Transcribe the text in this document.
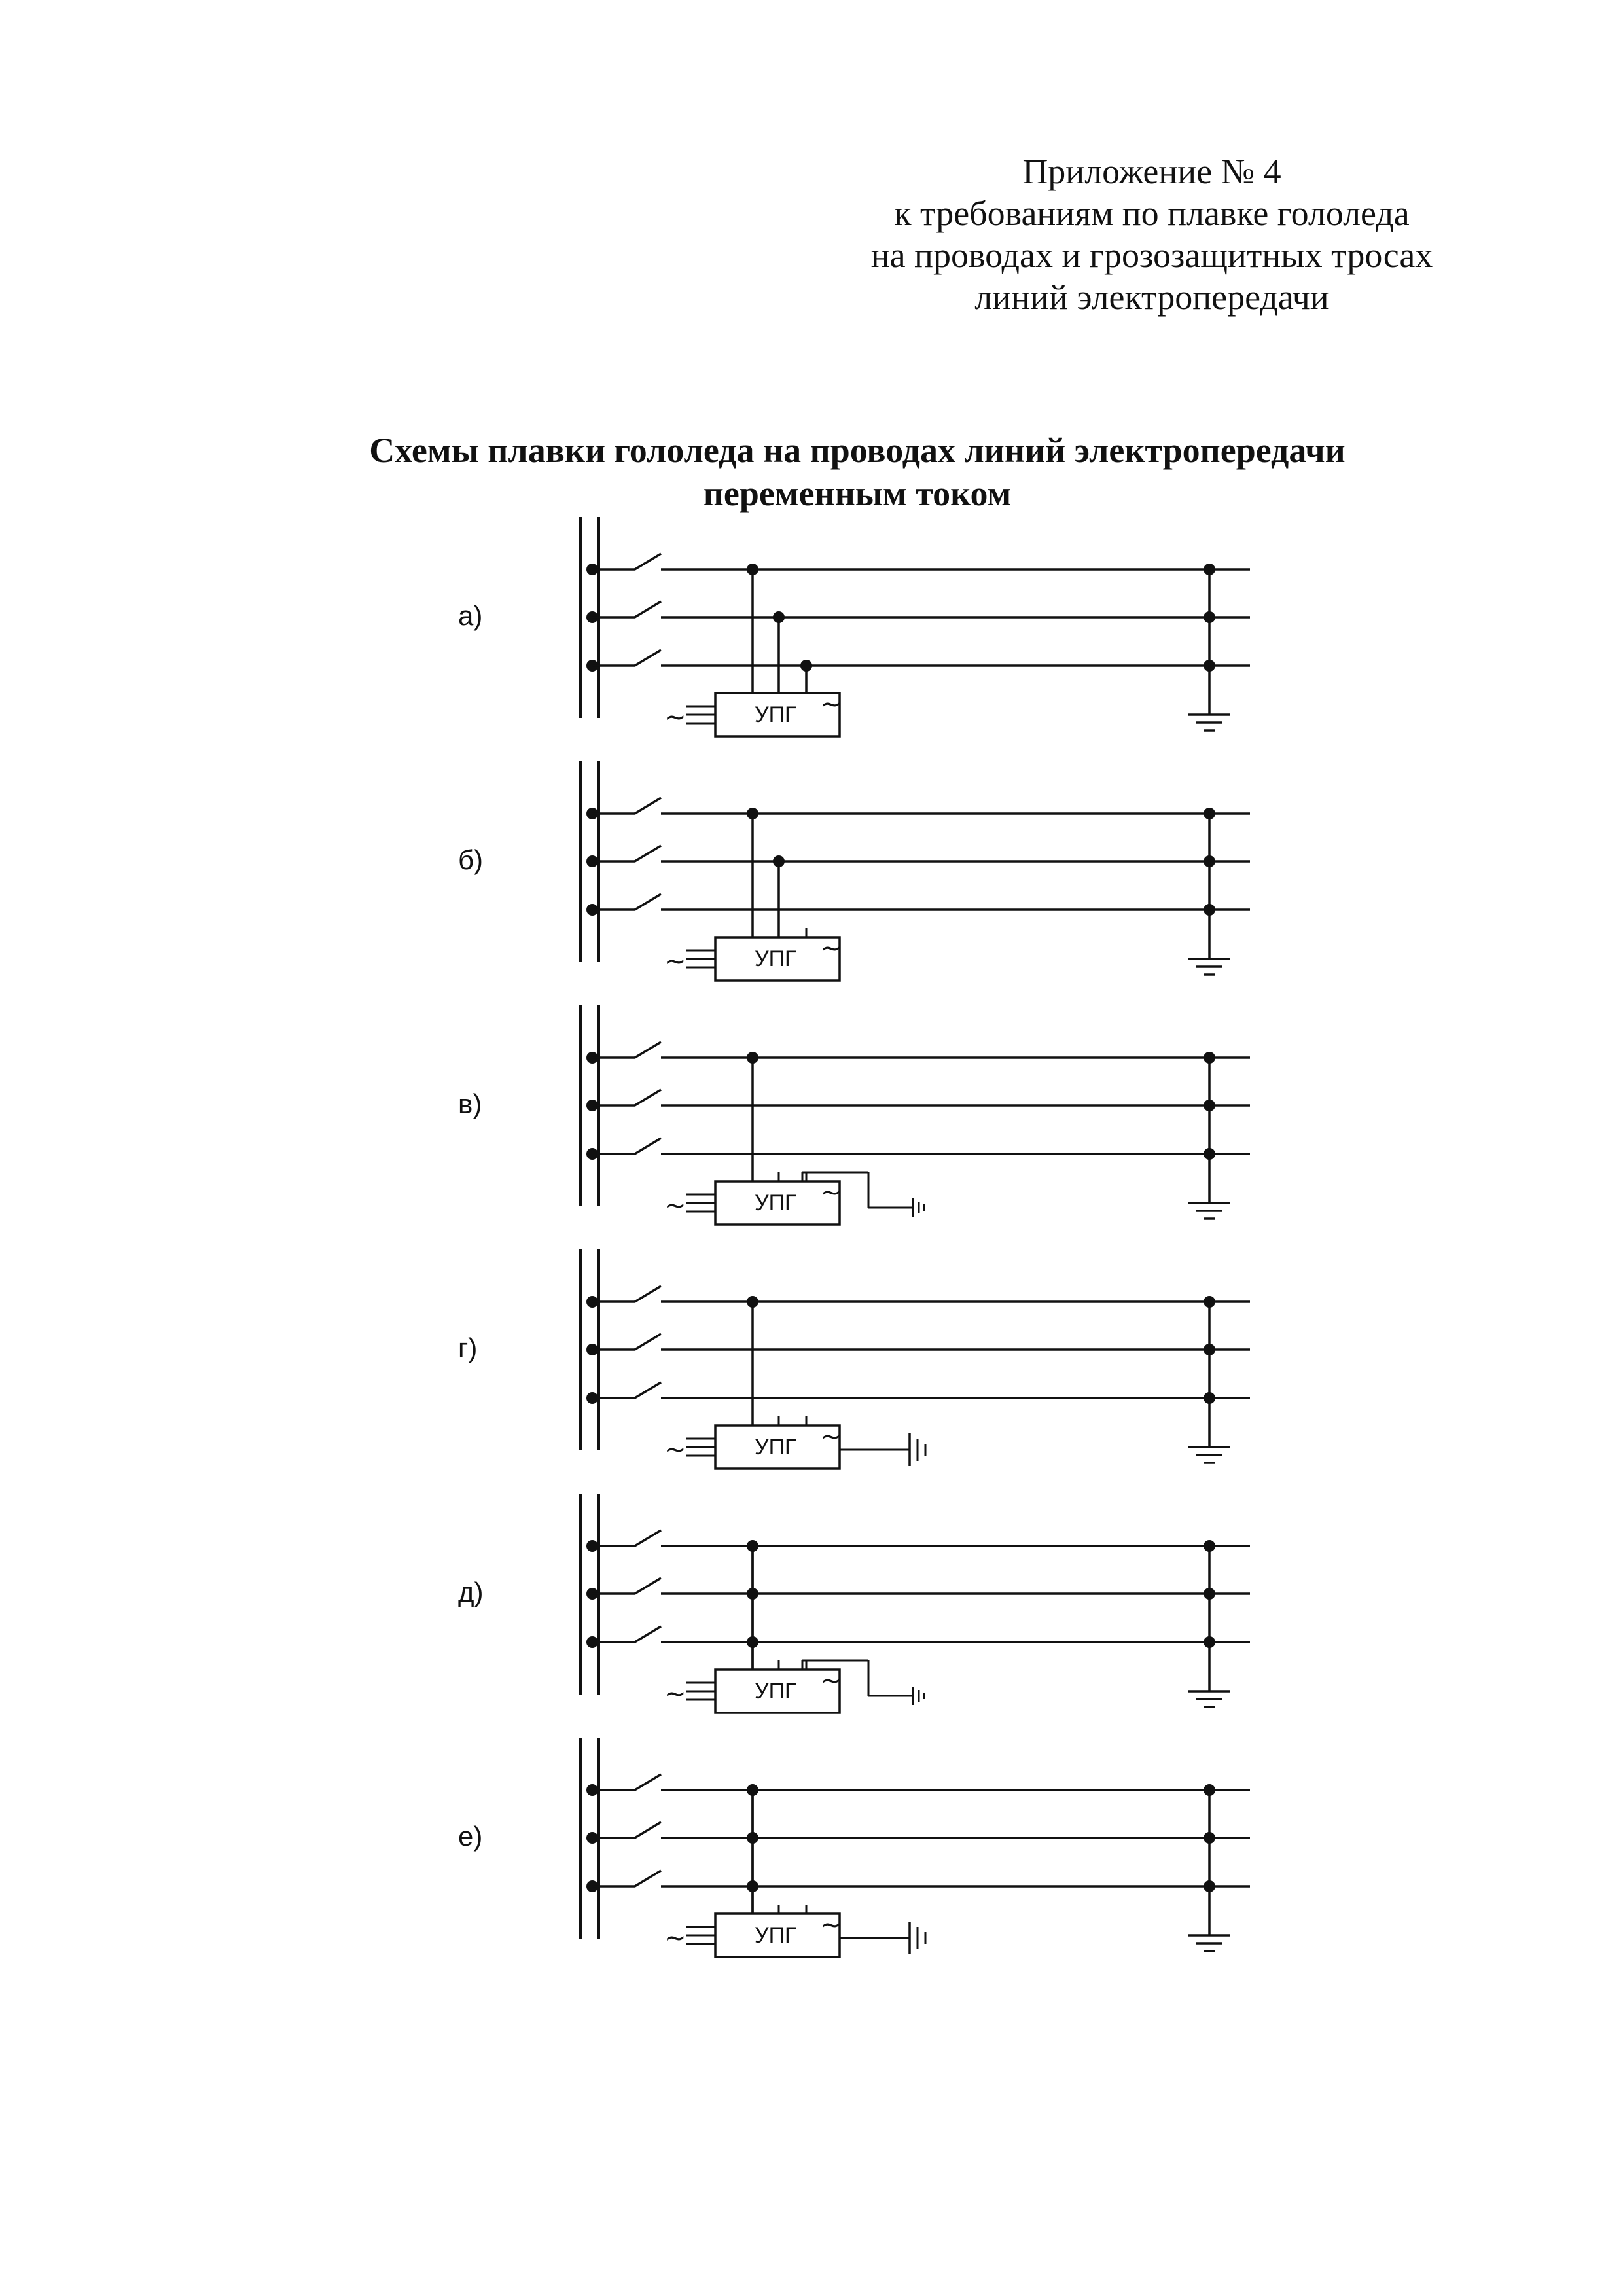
Приложение № 4
к требованиям по плавке гололеда
на проводах и грозозащитных тросах
линий электропередачи
Схемы плавки гололеда на проводах линий электропередачи
переменным током
а)
УПГ ~
~
б)
УПГ ~
~
в)
УПГ ~
~
г)
УПГ ~
~
д)
УПГ ~
~
е)
УПГ ~
~
